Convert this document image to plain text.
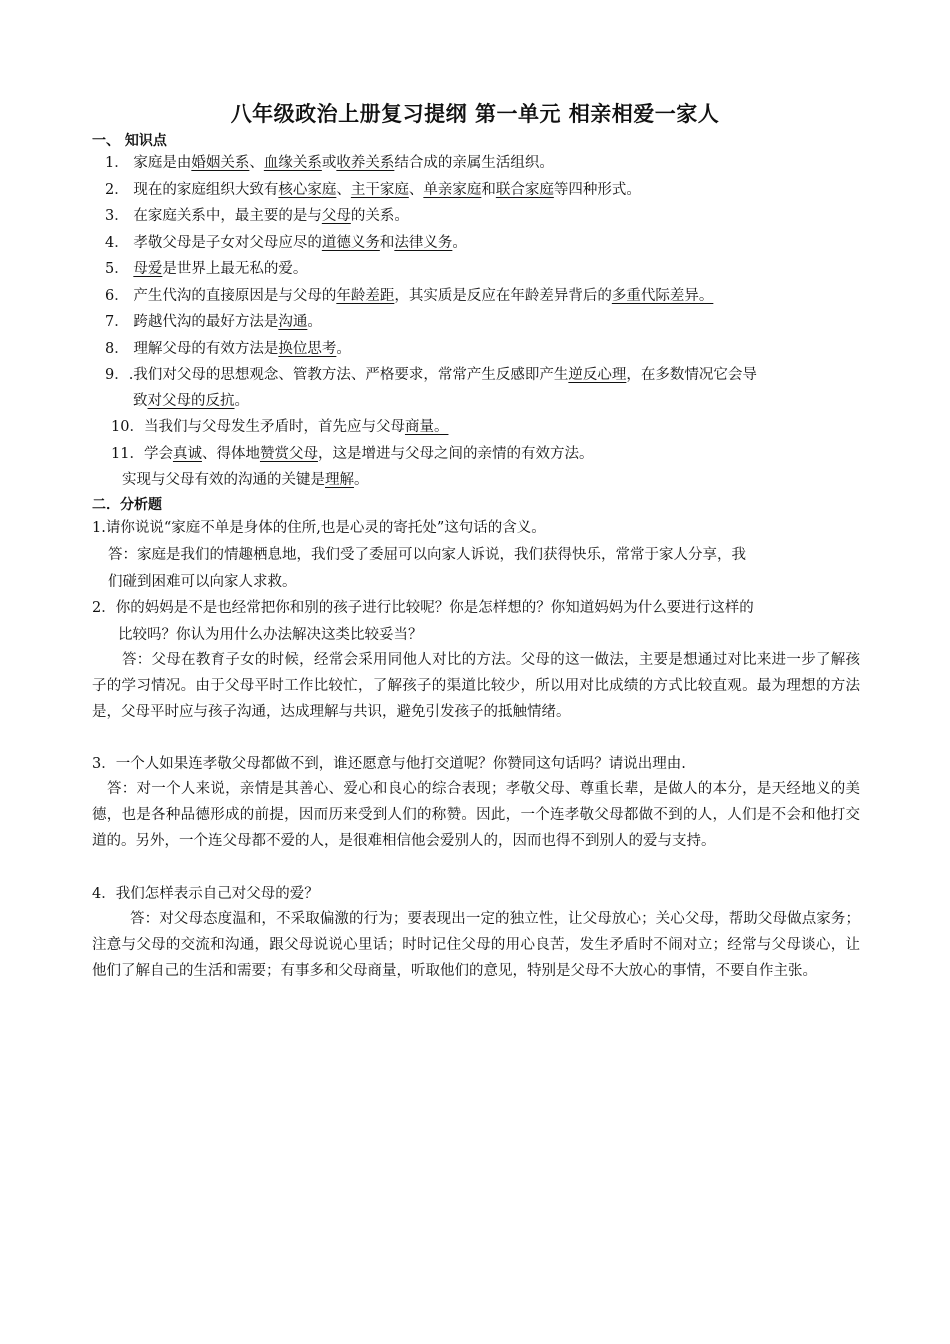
八年级政治上册复习提纲 第一单元 相亲相爱一家人
一、 知识点
1． 家庭是由婚姻关系、血缘关系或收养关系结合成的亲属生活组织。
2． 现在的家庭组织大致有核心家庭、主干家庭、单亲家庭和联合家庭等四种形式。
3． 在家庭关系中，最主要的是与父母的关系。
4． 孝敬父母是子女对父母应尽的道德义务和法律义务。
5． 母爱是世界上最无私的爱。
6． 产生代沟的直接原因是与父母的年龄差距，其实质是反应在年龄差异背后的多重代际差异。
7． 跨越代沟的最好方法是沟通。
8． 理解父母的有效方法是换位思考。
9．.我们对父母的思想观念、管教方法、严格要求，常常产生反感即产生逆反心理，在多数情况它会导
致对父母的反抗。
10．当我们与父母发生矛盾时，首先应与父母商量。
11．学会真诚、得体地赞赏父母，这是增进与父母之间的亲情的有效方法。
实现与父母有效的沟通的关键是理解。
二．分析题
1.请你说说“家庭不单是身体的住所,也是心灵的寄托处”这句话的含义。
答：家庭是我们的情趣栖息地，我们受了委屈可以向家人诉说，我们获得快乐，常常于家人分享，我
们碰到困难可以向家人求救。
2．你的妈妈是不是也经常把你和别的孩子进行比较呢？你是怎样想的？你知道妈妈为什么要进行这样的
比较吗？你认为用什么办法解决这类比较妥当？
答：父母在教育子女的时候，经常会采用同他人对比的方法。父母的这一做法，主要是想通过对比来进一步了解孩子的学习情况。由于父母平时工作比较忙，了解孩子的渠道比较少，所以用对比成绩的方式比较直观。最为理想的方法是，父母平时应与孩子沟通，达成理解与共识，避免引发孩子的抵触情绪。
3．一个人如果连孝敬父母都做不到，谁还愿意与他打交道呢？你赞同这句话吗？请说出理由.
答：对一个人来说，亲情是其善心、爱心和良心的综合表现；孝敬父母、尊重长辈，是做人的本分，是天经地义的美德，也是各种品德形成的前提，因而历来受到人们的称赞。因此，一个连孝敬父母都做不到的人，人们是不会和他打交道的。另外，一个连父母都不爱的人，是很难相信他会爱别人的，因而也得不到别人的爱与支持。
4．我们怎样表示自己对父母的爱？
答：对父母态度温和，不采取偏激的行为；要表现出一定的独立性，让父母放心；关心父母，帮助父母做点家务；注意与父母的交流和沟通，跟父母说说心里话；时时记住父母的用心良苦，发生矛盾时不闹对立；经常与父母谈心，让他们了解自己的生活和需要；有事多和父母商量，听取他们的意见，特别是父母不大放心的事情，不要自作主张。
